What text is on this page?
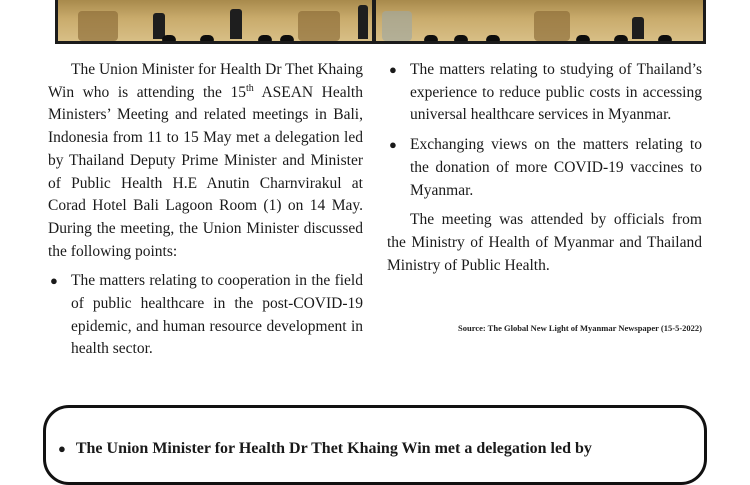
The Union Minister for Health Dr Thet Khaing Win who is attending the 15th ASEAN Health Ministers’ Meeting and related meetings in Bali, Indonesia from 11 to 15 May met a delegation led by Thailand Deputy Prime Minister and Minister of Public Health H.E Anutin Charnvirakul at Corad Hotel Bali Lagoon Room (1) on 14 May. During the meeting, the Union Minister discussed the following points:

● The matters relating to cooperation in the field of public healthcare in the post-COVID-19 epidemic, and human resource development in health sector.
● The matters relating to studying of Thailand’s experience to reduce public costs in accessing universal healthcare services in Myanmar.
● Exchanging views on the matters relating to the donation of more COVID-19 vaccines to Myanmar.

The meeting was attended by officials from the Ministry of Health of Myanmar and Thailand Ministry of Public Health.

Source: The Global New Light of Myanmar Newspaper (15-5-2022)
● The Union Minister for Health Dr Thet Khaing Win met a delegation led by
